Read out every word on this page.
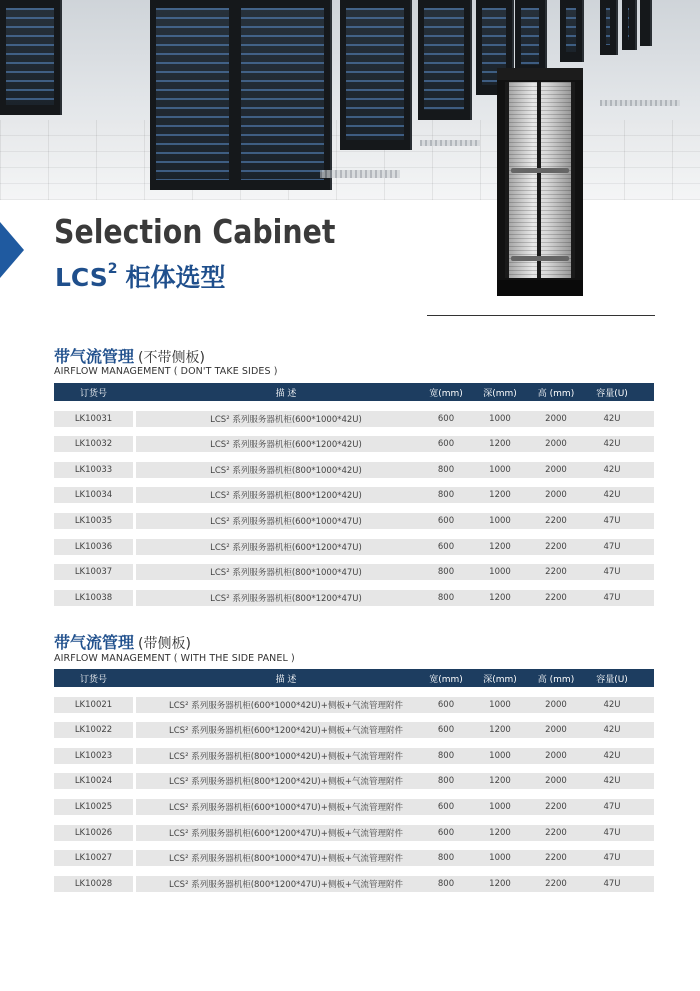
Selection Cabinet
LCS$^2$ 柜体选型
带气流管理 (不带侧板)
AIRFLOW MANAGEMENT ( DON'T TAKE SIDES )
订货号	描 述	宽(mm)	深(mm)	高 (mm)	容量(U)
LK10031	LCS² 系列服务器机柜(600*1000*42U)	600	1000	2000	42U
LK10032	LCS² 系列服务器机柜(600*1200*42U)	600	1200	2000	42U
LK10033	LCS² 系列服务器机柜(800*1000*42U)	800	1000	2000	42U
LK10034	LCS² 系列服务器机柜(800*1200*42U)	800	1200	2000	42U
LK10035	LCS² 系列服务器机柜(600*1000*47U)	600	1000	2200	47U
LK10036	LCS² 系列服务器机柜(600*1200*47U)	600	1200	2200	47U
LK10037	LCS² 系列服务器机柜(800*1000*47U)	800	1000	2200	47U
LK10038	LCS² 系列服务器机柜(800*1200*47U)	800	1200	2200	47U
带气流管理 (带侧板)
AIRFLOW MANAGEMENT ( WITH THE SIDE PANEL )
订货号	描 述	宽(mm)	深(mm)	高 (mm)	容量(U)
LK10021	LCS² 系列服务器机柜(600*1000*42U)+侧板+气流管理附件	600	1000	2000	42U
LK10022	LCS² 系列服务器机柜(600*1200*42U)+侧板+气流管理附件	600	1200	2000	42U
LK10023	LCS² 系列服务器机柜(800*1000*42U)+侧板+气流管理附件	800	1000	2000	42U
LK10024	LCS² 系列服务器机柜(800*1200*42U)+侧板+气流管理附件	800	1200	2000	42U
LK10025	LCS² 系列服务器机柜(600*1000*47U)+侧板+气流管理附件	600	1000	2200	47U
LK10026	LCS² 系列服务器机柜(600*1200*47U)+侧板+气流管理附件	600	1200	2200	47U
LK10027	LCS² 系列服务器机柜(800*1000*47U)+侧板+气流管理附件	800	1000	2200	47U
LK10028	LCS² 系列服务器机柜(800*1200*47U)+侧板+气流管理附件	800	1200	2200	47U
